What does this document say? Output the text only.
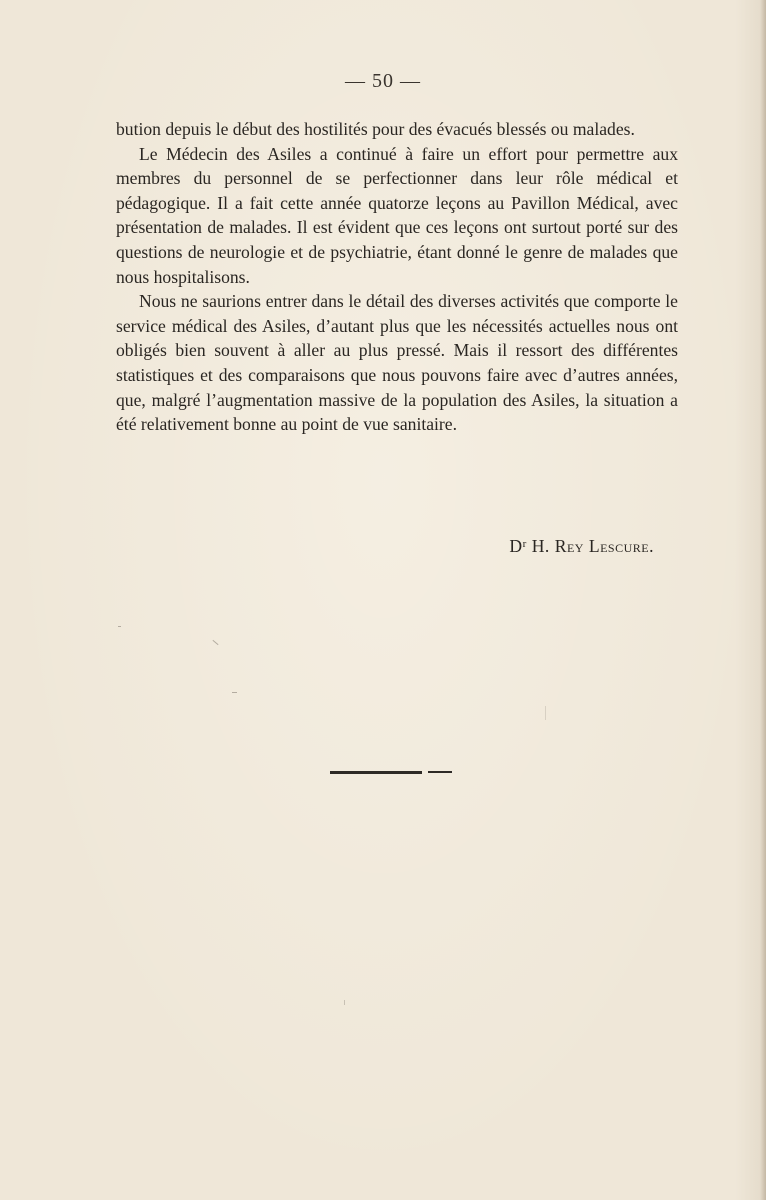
— 50 —

bution depuis le début des hostilités pour des évacués blessés ou malades.

Le Médecin des Asiles a continué à faire un effort pour permettre aux membres du personnel de se perfectionner dans leur rôle médical et pédagogique. Il a fait cette année quatorze leçons au Pavillon Médical, avec présentation de malades. Il est évident que ces leçons ont surtout porté sur des questions de neurologie et de psychiatrie, étant donné le genre de malades que nous hospitalisons.

Nous ne saurions entrer dans le détail des diverses activités que comporte le service médical des Asiles, d’autant plus que les nécessités actuelles nous ont obligés bien souvent à aller au plus pressé. Mais il ressort des différentes statistiques et des comparaisons que nous pouvons faire avec d’autres années, que, malgré l’augmentation massive de la population des Asiles, la situation a été relativement bonne au point de vue sanitaire.

$D^r$ H. Rey Lescure.
